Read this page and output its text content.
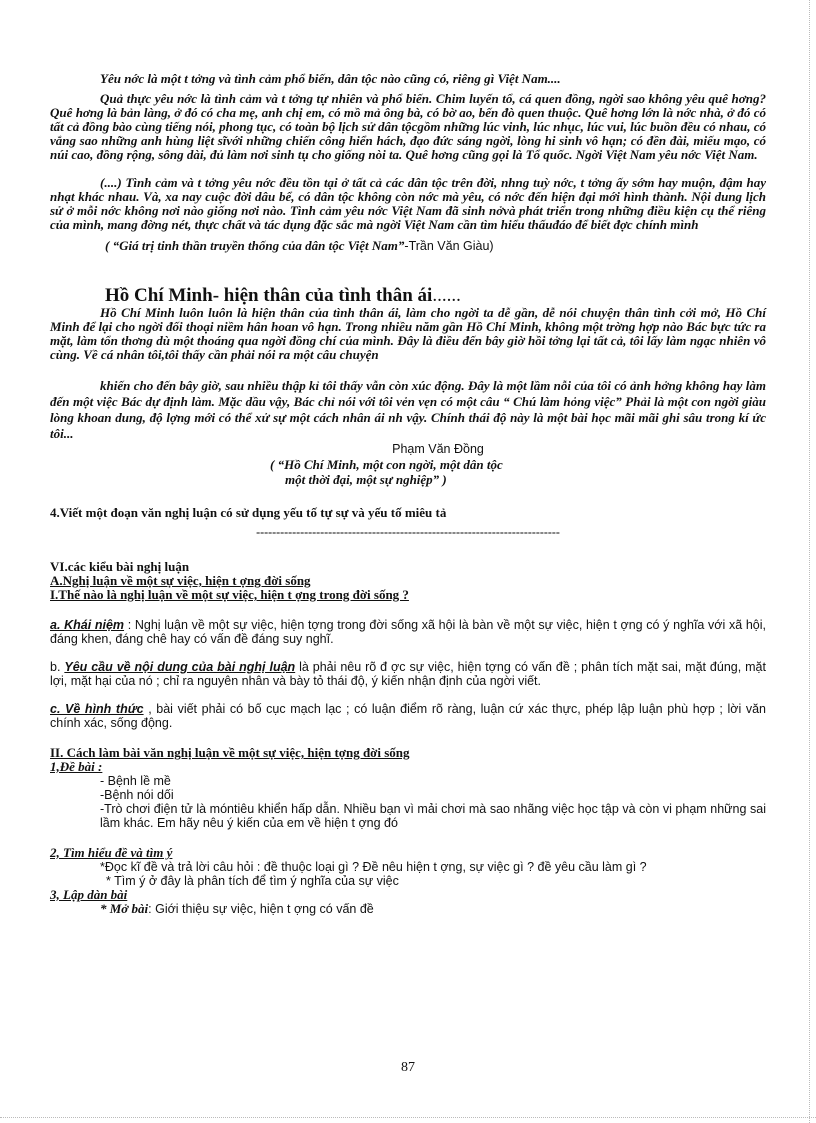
Yêu nớc là một t tởng và tình cảm phổ biến, dân tộc nào cũng có, riêng gì Việt Nam....
Quả thực yêu nớc là tình cảm và t tởng tự nhiên và phổ biến. Chim luyến tổ, cá quen đồng, ngời sao không yêu quê hơng? Quê hơng là bản làng, ở đó có cha mẹ, anh chị em, có mồ mả ông bà, có bờ ao, bến đò quen thuộc. Quê hơng lớn là nớc nhà, ở đó có tất cả đồng bào cùng tiếng nói, phong tục, có toàn bộ lịch sử dân tộcgồm những lúc vinh, lúc nhục, lúc vui, lúc buồn đều có nhau, có vắng sao những anh hùng liệt sĩvới những chiến công hiển hách, đạo đức sáng ngời, lòng hi sinh vô hạn; có đền đài, miếu mạo, có núi cao, đồng rộng, sông dài, đủ làm nơi sinh tụ cho giống nòi ta. Quê hơng cũng gọi là Tổ quốc. Ngời Việt Nam yêu nớc Việt Nam.
(....) Tình cảm và t tởng yêu nớc đều tồn tại ở tất cả các dân tộc trên đời, nhng tuỳ nớc, t tởng ấy sớm hay muộn, đậm hay nhạt khác nhau. Và, xa nay cuộc đời dâu bể, có dân tộc không còn nớc mà yêu, có nớc đến hiện đại mới hình thành. Nội dung lịch sử ở mỗi nớc không nơi nào giống nơi nào. Tình cảm yêu nớc Việt Nam đã sinh nởvà phát triển trong những điều kiện cụ thể riêng của mình, mang đờng nét, thực chất và tác dụng đặc sắc mà ngời Việt Nam cần tìm hiểu thấuđáo để biết đợc chính mình
( “Giá trị tinh thần truyền thống của dân tộc Việt Nam”-Trần Văn Giàu)
Hồ Chí Minh- hiện thân của tình thân ái......
Hồ Chí Minh luôn luôn là hiện thân của tình thân ái, làm cho ngời ta dễ gần, dễ nói chuyện thân tình cởi mở, Hồ Chí Minh để lại cho ngời đối thoại niềm hân hoan vô hạn. Trong nhiều năm gần Hồ Chí Minh, không một trờng hợp nào Bác bực tức ra mặt, làm tổn thơng dù một thoáng qua ngời đồng chí của mình. Đây là điều đến bây giờ hồi tởng lại tất cả, tôi lấy làm ngạc nhiên vô cùng. Về cá nhân tôi,tôi thấy cần phải nói ra một câu chuyện
khiến cho đến bây giờ, sau nhiều thập kỉ tôi thấy vẫn còn xúc động. Đây là một lầm nỗi của tôi có ảnh hởng không hay làm đến một việc Bác dự định làm. Mặc dầu vậy, Bác chỉ nói với tôi vẻn vẹn có một câu “ Chú làm hỏng việc” Phải là một con ngời giàu lòng khoan dung, độ lợng mới có thể xử sự một cách nhân ái nh vậy. Chính thái độ này là một bài học mãi mãi ghi sâu trong kí ức tôi...
Phạm Văn Đồng
( “Hồ Chí Minh, một con ngời, một dân tộc
một thời đại, một sự nghiệp” )
4.Viết một đoạn văn nghị luận có sử dụng yếu tố tự sự và yếu tố miêu tả
----------------------------------------------------------------------------
VI.các kiểu bài nghị luận
A.Nghị luận về một sự việc, hiện t ợng đời sống
I.Thế nào là nghị luận về một sự việc, hiện t ợng trong đời sống ?
a. Khái niệm : Nghị luận về một sự việc, hiện tợng trong đời sống xã hội là bàn về một sự việc, hiện t ợng có ý nghĩa với xã hội, đáng khen, đáng chê hay có vấn đề đáng suy nghĩ.
b. Yêu cầu về nội dung của bài nghị luận là phải nêu rõ đ ợc sự việc, hiện tợng có vấn đề ; phân tích mặt sai, mặt đúng, mặt lợi, mặt hại của nó ; chỉ ra nguyên nhân và bày tỏ thái độ, ý kiến nhận định của ngời viết.
c. Về hình thức , bài viết phải có bố cục mạch lạc ; có luận điểm rõ ràng, luận cứ xác thực, phép lập luận phù hợp ; lời văn chính xác, sống động.
II. Cách làm bài văn nghị luận về một sự việc, hiện tợng đời sống
1,Đề bài :
- Bệnh lề mề
-Bệnh nói dối
-Trò chơi điện tử là móntiêu khiển hấp dẫn. Nhiều bạn vì mải chơi mà sao nhãng việc học tập và còn vi phạm những sai lầm khác. Em hãy nêu ý kiến của em về hiện t ợng đó
2, Tìm hiểu đề và tìm ý
*Đọc kĩ đề và trả lời câu hỏi : đề thuộc loại gì ? Đề nêu hiện t ợng, sự việc gì ? đề yêu cầu làm gì ?
* Tìm ý ở đây là phân tích để tìm ý nghĩa của sự việc
3, Lập dàn bài
* Mở bài: Giới thiệu sự việc, hiện t ợng có vấn đề
87
